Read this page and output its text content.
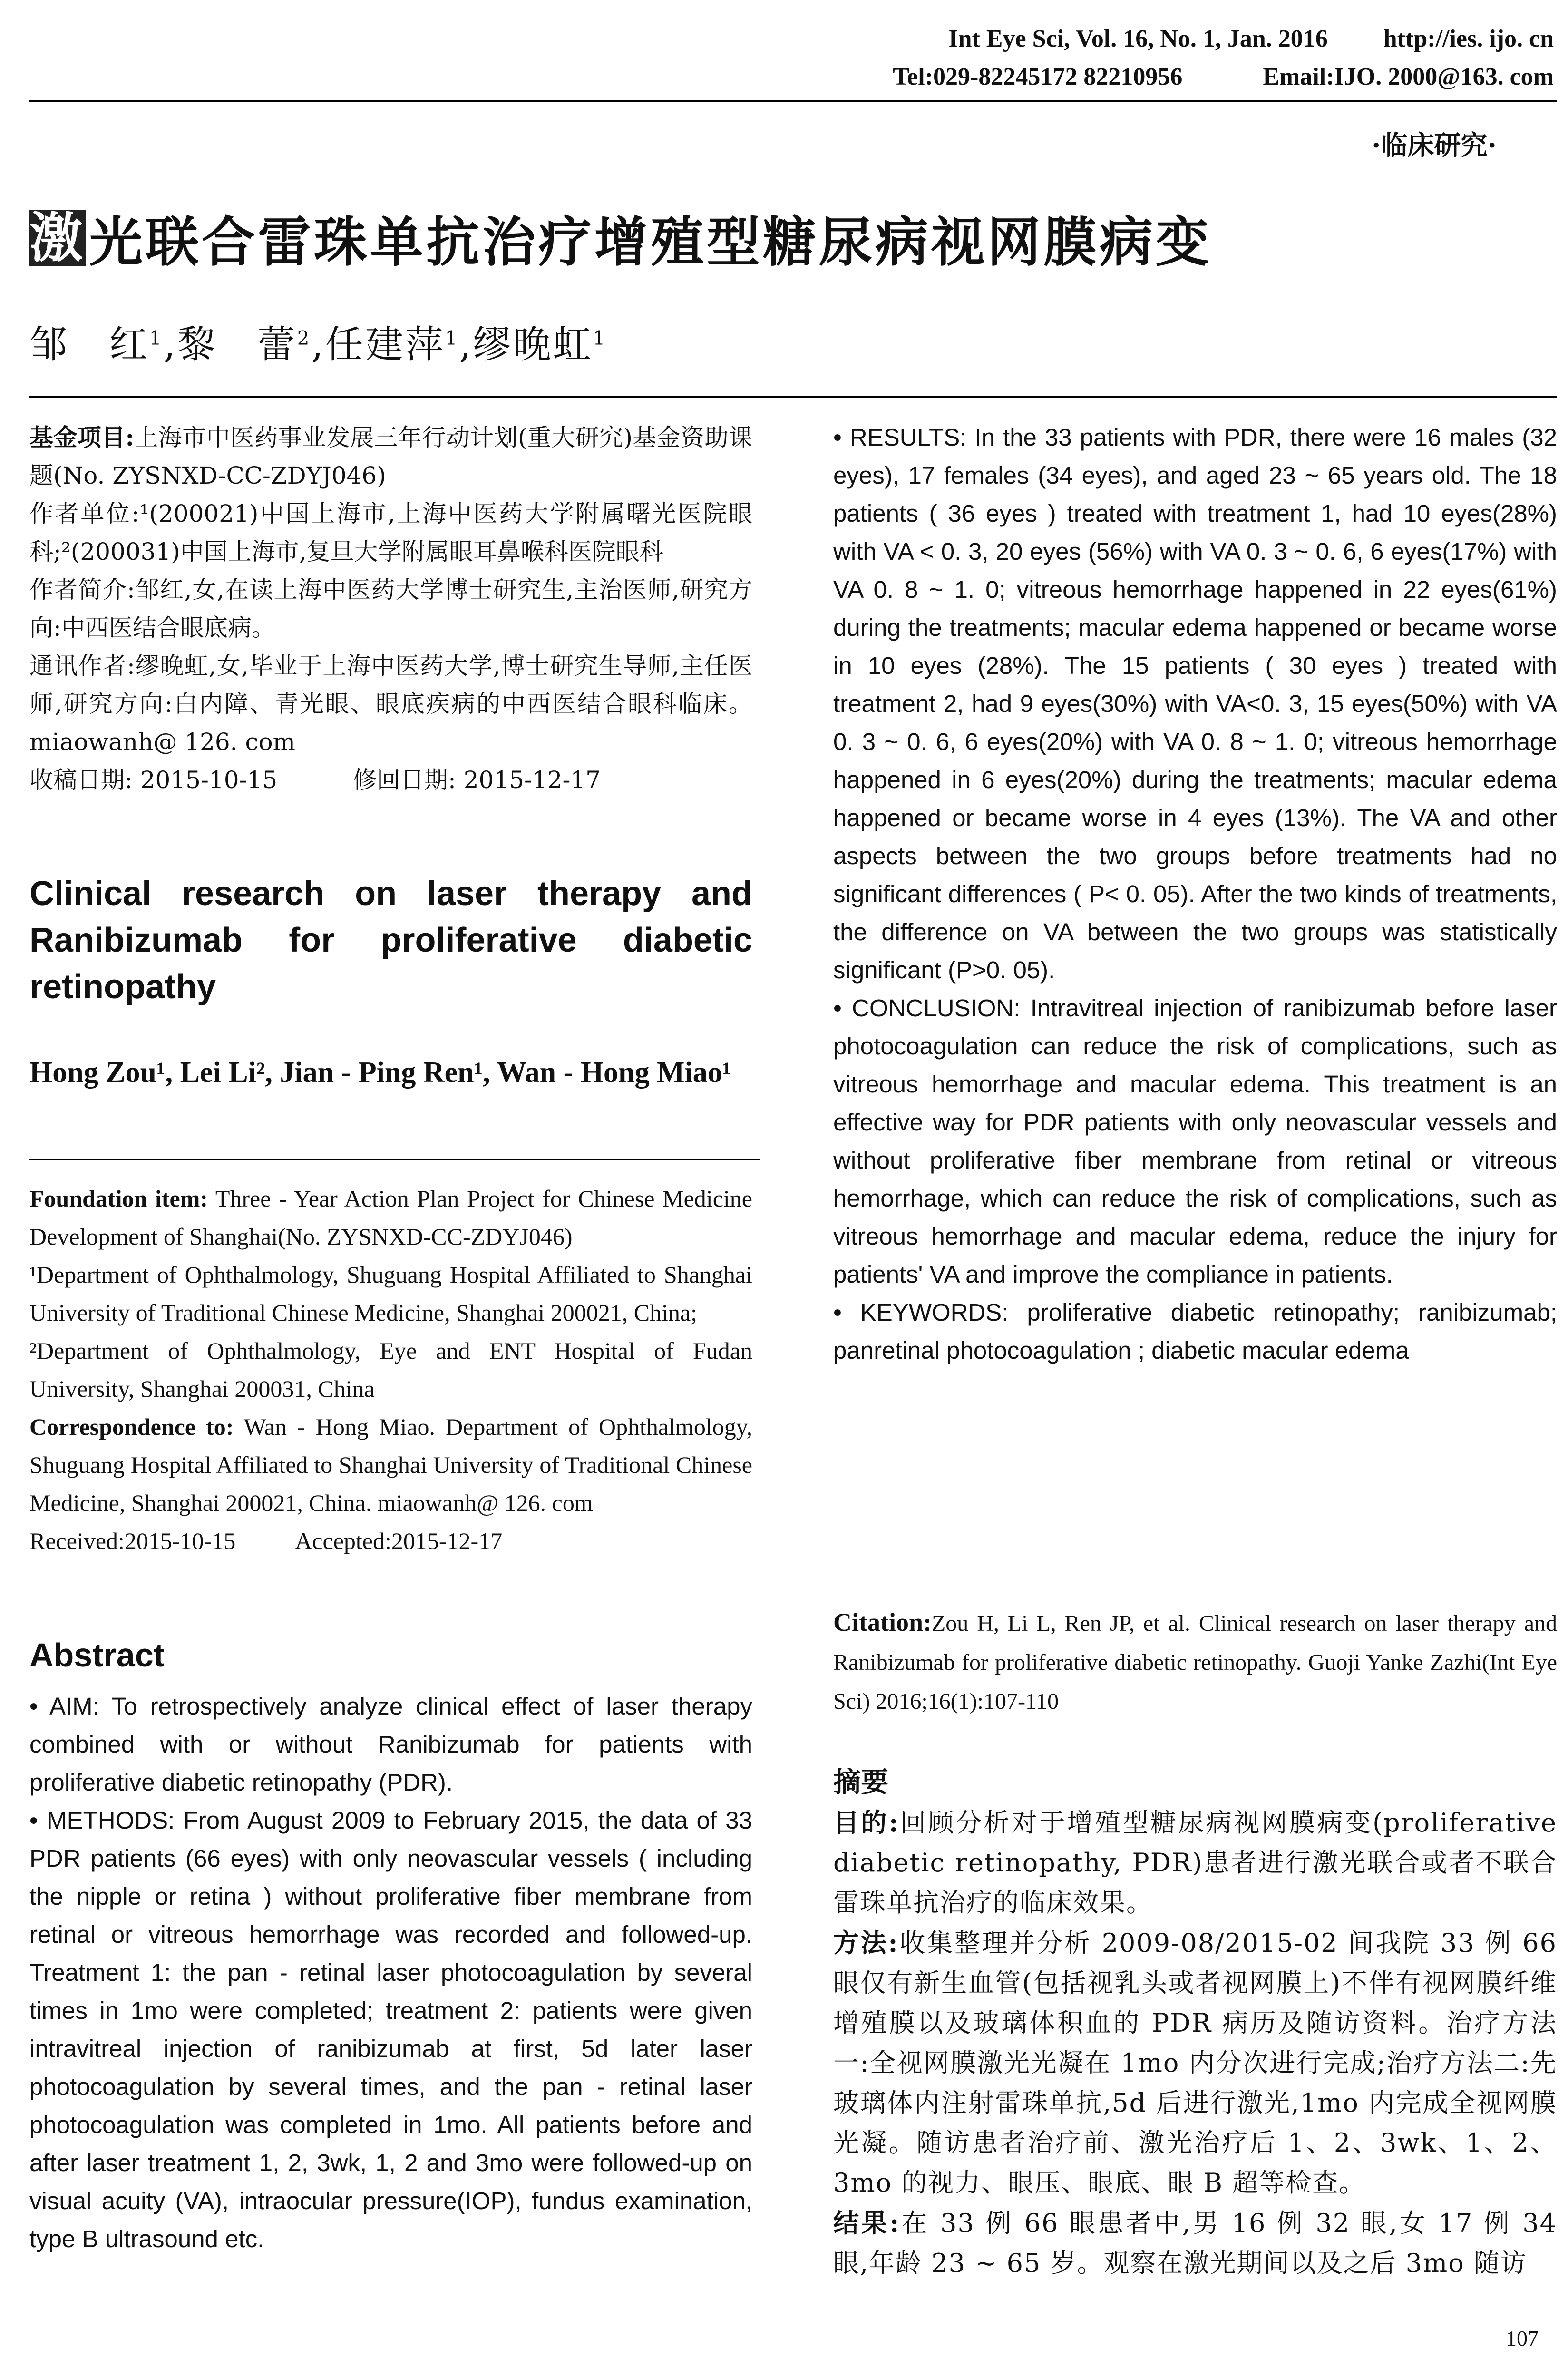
Int Eye Sci, Vol. 16, No. 1, Jan. 2016 http://ies. ijo. cn
Tel:029-82245172 82210956	Email:IJO. 2000@163. com
·临床研究·
激 光联合雷珠单抗治疗增殖型糖尿病视网膜病变
邹　红$^1$,黎　蕾$^2$,任建萍$^1$,缪晚虹$^1$

基金项目:上海市中医药事业发展三年行动计划(重大研究)基金资助课题(No. ZYSNXD-CC-ZDYJ046)

作者单位:¹(200021)中国上海市,上海中医药大学附属曙光医院眼科;²(200031)中国上海市,复旦大学附属眼耳鼻喉科医院眼科

作者简介:邹红,女,在读上海中医药大学博士研究生,主治医师,研究方向:中西医结合眼底病。

通讯作者:缪晚虹,女,毕业于上海中医药大学,博士研究生导师,主任医师,研究方向:白内障、青光眼、眼底疾病的中西医结合眼科临床。miaowanh@ 126. com

收稿日期: 2015-10-15	修回日期: 2015-12-17

Clinical research on laser therapy and Ranibizumab for proliferative diabetic retinopathy
Hong Zou¹, Lei Li², Jian - Ping Ren¹, Wan - Hong Miao¹

Foundation item: Three - Year Action Plan Project for Chinese Medicine Development of Shanghai(No. ZYSNXD-CC-ZDYJ046)

¹Department of Ophthalmology, Shuguang Hospital Affiliated to Shanghai University of Traditional Chinese Medicine, Shanghai 200021, China;

²Department of Ophthalmology, Eye and ENT Hospital of Fudan University, Shanghai 200031, China

Correspondence to: Wan - Hong Miao. Department of Ophthalmology, Shuguang Hospital Affiliated to Shanghai University of Traditional Chinese Medicine, Shanghai 200021, China. miaowanh@ 126. com

Received:2015-10-15	Accepted:2015-12-17

Abstract

• AIM: To retrospectively analyze clinical effect of laser therapy combined with or without Ranibizumab for patients with proliferative diabetic retinopathy (PDR).

• METHODS: From August 2009 to February 2015, the data of 33 PDR patients (66 eyes) with only neovascular vessels ( including the nipple or retina ) without proliferative fiber membrane from retinal or vitreous hemorrhage was recorded and followed-up. Treatment 1: the pan - retinal laser photocoagulation by several times in 1mo were completed; treatment 2: patients were given intravitreal injection of ranibizumab at first, 5d later laser photocoagulation by several times, and the pan - retinal laser photocoagulation was completed in 1mo. All patients before and after laser treatment 1, 2, 3wk, 1, 2 and 3mo were followed-up on visual acuity (VA), intraocular pressure(IOP), fundus examination, type B ultrasound etc.

• RESULTS: In the 33 patients with PDR, there were 16 males (32 eyes), 17 females (34 eyes), and aged 23 ~ 65 years old. The 18 patients ( 36 eyes ) treated with treatment 1, had 10 eyes(28%) with VA < 0. 3, 20 eyes (56%) with VA 0. 3 ~ 0. 6, 6 eyes(17%) with VA 0. 8 ~ 1. 0; vitreous hemorrhage happened in 22 eyes(61%) during the treatments; macular edema happened or became worse in 10 eyes (28%). The 15 patients ( 30 eyes ) treated with treatment 2, had 9 eyes(30%) with VA<0. 3, 15 eyes(50%) with VA 0. 3 ~ 0. 6, 6 eyes(20%) with VA 0. 8 ~ 1. 0; vitreous hemorrhage happened in 6 eyes(20%) during the treatments; macular edema happened or became worse in 4 eyes (13%). The VA and other aspects between the two groups before treatments had no significant differences ( P< 0. 05). After the two kinds of treatments, the difference on VA between the two groups was statistically significant (P>0. 05).

• CONCLUSION: Intravitreal injection of ranibizumab before laser photocoagulation can reduce the risk of complications, such as vitreous hemorrhage and macular edema. This treatment is an effective way for PDR patients with only neovascular vessels and without proliferative fiber membrane from retinal or vitreous hemorrhage, which can reduce the risk of complications, such as vitreous hemorrhage and macular edema, reduce the injury for patients' VA and improve the compliance in patients.

• KEYWORDS: proliferative diabetic retinopathy; ranibizumab; panretinal photocoagulation ; diabetic macular edema

Citation:Zou H, Li L, Ren JP, et al. Clinical research on laser therapy and Ranibizumab for proliferative diabetic retinopathy. Guoji Yanke Zazhi(Int Eye Sci) 2016;16(1):107-110
摘要

目的:回顾分析对于增殖型糖尿病视网膜病变(proliferative diabetic retinopathy, PDR)患者进行激光联合或者不联合雷珠单抗治疗的临床效果。

方法:收集整理并分析 2009-08/2015-02 间我院 33 例 66 眼仅有新生血管(包括视乳头或者视网膜上)不伴有视网膜纤维增殖膜以及玻璃体积血的 PDR 病历及随访资料。治疗方法一:全视网膜激光光凝在 1mo 内分次进行完成;治疗方法二:先玻璃体内注射雷珠单抗,5d 后进行激光,1mo 内完成全视网膜光凝。随访患者治疗前、激光治疗后 1、2、3wk、1、2、3mo 的视力、眼压、眼底、眼 B 超等检查。

结果:在 33 例 66 眼患者中,男 16 例 32 眼,女 17 例 34 眼,年龄 23 ~ 65 岁。观察在激光期间以及之后 3mo 随访

107
